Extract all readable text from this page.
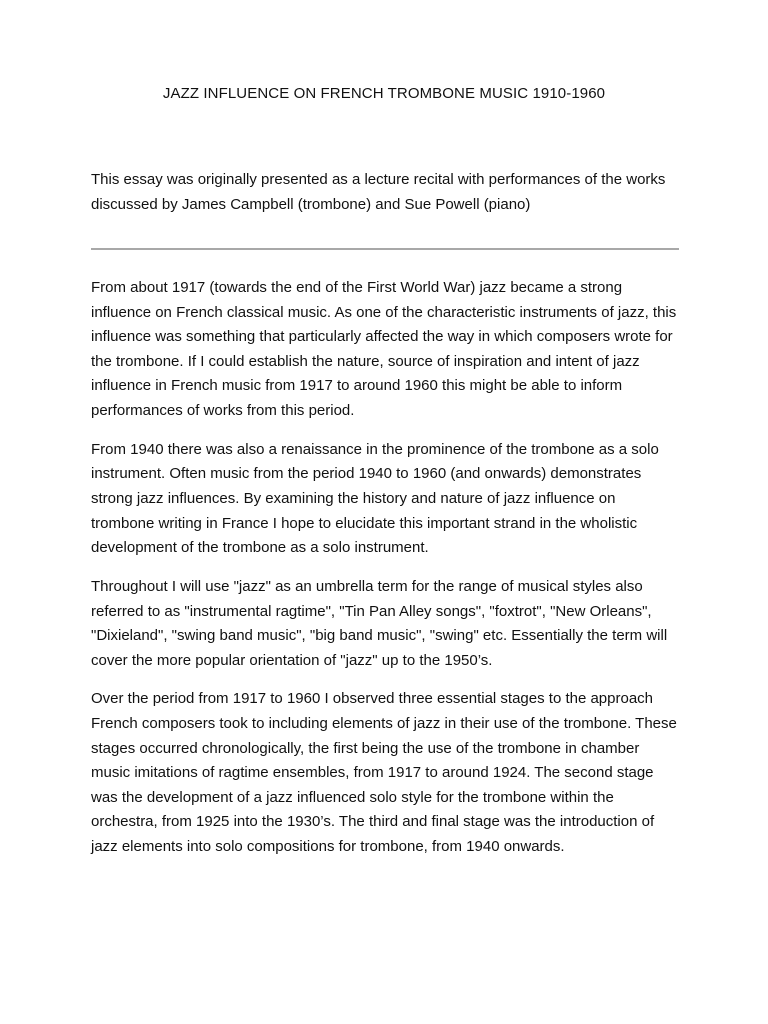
JAZZ INFLUENCE ON FRENCH TROMBONE MUSIC 1910-1960

This essay was originally presented as a lecture recital with performances of the works discussed by James Campbell (trombone) and Sue Powell (piano)

From about 1917 (towards the end of the First World War) jazz became a strong influence on French classical music. As one of the characteristic instruments of jazz, this influence was something that particularly affected the way in which composers wrote for the trombone. If I could establish the nature, source of inspiration and intent of jazz influence in French music from 1917 to around 1960 this might be able to inform performances of works from this period.

From 1940 there was also a renaissance in the prominence of the trombone as a solo instrument. Often music from the period 1940 to 1960 (and onwards) demonstrates strong jazz influences. By examining the history and nature of jazz influence on trombone writing in France I hope to elucidate this important strand in the wholistic development of the trombone as a solo instrument.

Throughout I will use "jazz" as an umbrella term for the range of musical styles also referred to as "instrumental ragtime", "Tin Pan Alley songs", "foxtrot", "New Orleans", "Dixieland", "swing band music", "big band music", "swing" etc. Essentially the term will cover the more popular orientation of "jazz" up to the 1950’s.

Over the period from 1917 to 1960 I observed three essential stages to the approach French composers took to including elements of jazz in their use of the trombone. These stages occurred chronologically, the first being the use of the trombone in chamber music imitations of ragtime ensembles, from 1917 to around 1924. The second stage was the development of a jazz influenced solo style for the trombone within the orchestra, from 1925 into the 1930’s. The third and final stage was the introduction of jazz elements into solo compositions for trombone, from 1940 onwards.
